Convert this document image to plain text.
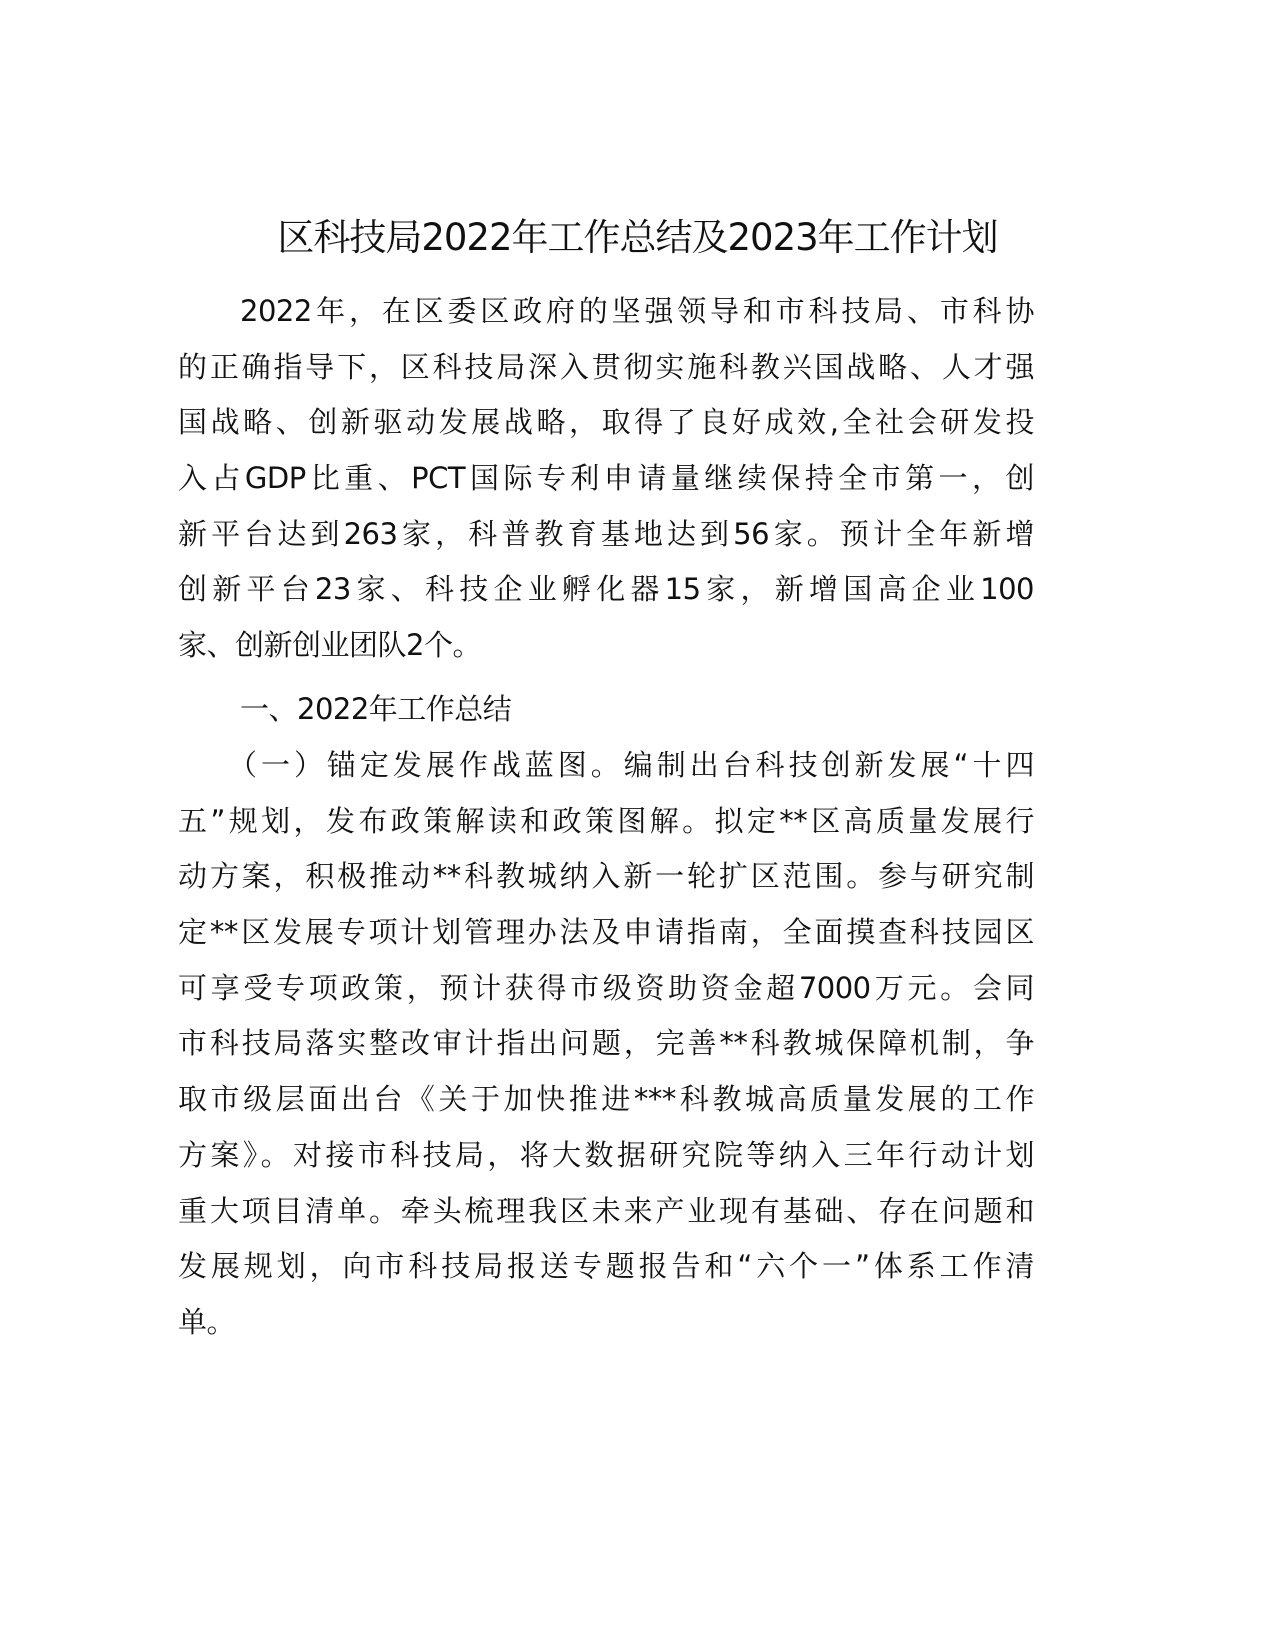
区科技局2022年工作总结及2023年工作计划
2022年，在区委区政府的坚强领导和市科技局、市科协
的正确指导下，区科技局深入贯彻实施科教兴国战略、人才强
国战略、创新驱动发展战略，取得了良好成效,全社会研发投
入占GDP比重、PCT国际专利申请量继续保持全市第一，创
新平台达到263家，科普教育基地达到56家。预计全年新增
创新平台23家、科技企业孵化器15家，新增国高企业100
家、创新创业团队2个。
一、2022年工作总结
（一）锚定发展作战蓝图。编制出台科技创新发展“十四
五”规划，发布政策解读和政策图解。拟定**区高质量发展行
动方案，积极推动**科教城纳入新一轮扩区范围。参与研究制
定**区发展专项计划管理办法及申请指南，全面摸查科技园区
可享受专项政策，预计获得市级资助资金超7000万元。会同
市科技局落实整改审计指出问题，完善**科教城保障机制，争
取市级层面出台《关于加快推进***科教城高质量发展的工作
方案》。对接市科技局，将大数据研究院等纳入三年行动计划
重大项目清单。牵头梳理我区未来产业现有基础、存在问题和
发展规划，向市科技局报送专题报告和“六个一”体系工作清
单。
